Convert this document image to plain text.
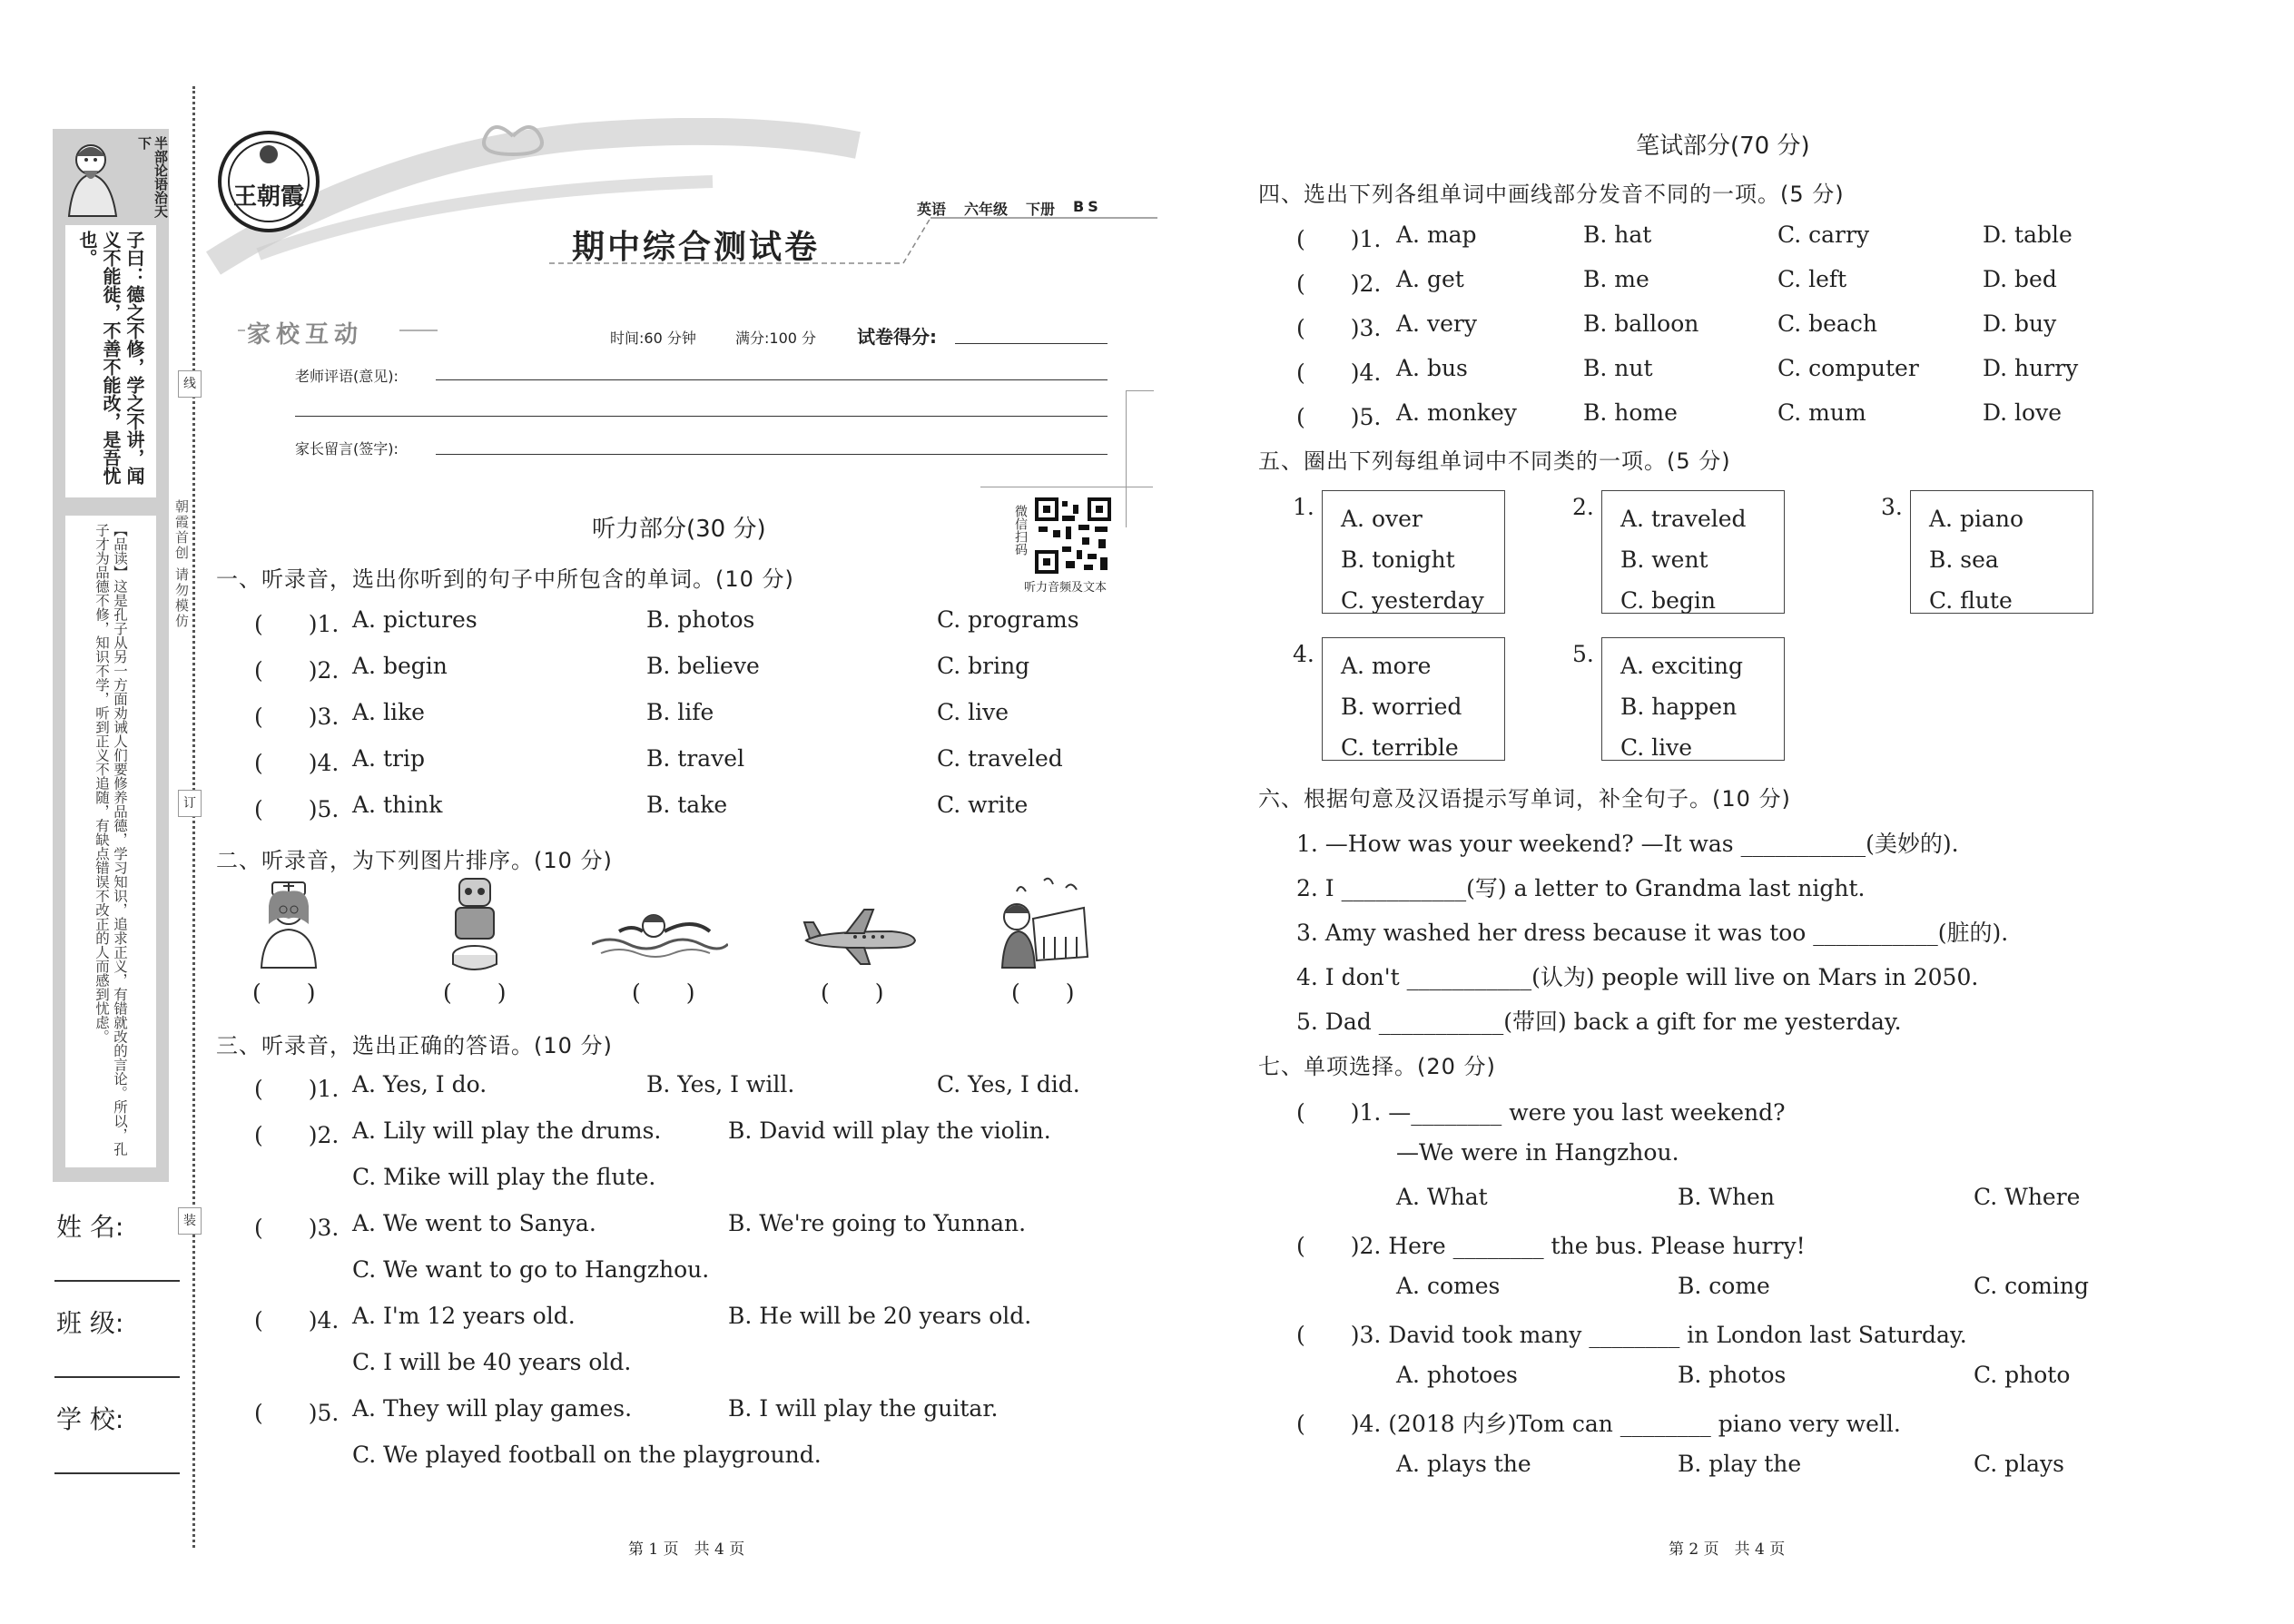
半部论语治天下
子曰：德之不修，学之不讲，闻义不能徙，不善不能改，是吾忧也。
【品读】这是孔子从另一方面劝诫人们要修养品德，学习知识，追求正义，有错就改的言论。所以，孔子才为品德不修，知识不学，听到正义不追随，有缺点错误不改正的人而感到忧虑。
姓 名:
班 级:
学 校:
线
订
装
朝霞首创 请勿模仿
王朝霞	英语 六年级 下册 BS
期中综合测试卷
家校互动	时间:60 分钟	满分:100 分 试卷得分:
老师评语(意见):
家长留言(签字):
微信扫码
听力音频及文本
听力部分(30 分)
一、听录音，选出你听到的句子中所包含的单词。(10 分)
(　　)1. A. pictures	B. photos	C. programs
(　　)2. A. begin	B. believe	C. bring
(　　)3. A. like	B. life	C. live
(　　)4. A. trip	B. travel	C. traveled
(　　)5. A. think	B. take	C. write
二、听录音，为下列图片排序。(10 分)
(　　)	(　　)	(　　)	(　　)	(　　)
三、听录音，选出正确的答语。(10 分)
(　　)1. A. Yes, I do.	B. Yes, I will.	C. Yes, I did.
(　　)2. A. Lily will play the drums.	B. David will play the violin.
C. Mike will play the flute.
(　　)3. A. We went to Sanya.	B. We're going to Yunnan.
C. We want to go to Hangzhou.
(　　)4. A. I'm 12 years old.	B. He will be 20 years old.
C. I will be 40 years old.
(　　)5. A. They will play games.	B. I will play the guitar.
C. We played football on the playground.
第 1 页　共 4 页
笔试部分(70 分)
四、选出下列各组单词中画线部分发音不同的一项。(5 分)
(　　)1. A. map	B. hat	C. carry	D. table
(　　)2. A. get	B. me	C. left	D. bed
(　　)3. A. very	B. balloon	C. beach	D. buy
(　　)4. A. bus	B. nut	C. computer	D. hurry
(　　)5. A. monkey	B. home	C. mum	D. love
五、圈出下列每组单词中不同类的一项。(5 分)
1. A. over
B. tonight
C. yesterday
2. A. traveled
B. went
C. begin
3. A. piano
B. sea
C. flute
4. A. more
B. worried
C. terrible
5. A. exciting
B. happen
C. live
六、根据句意及汉语提示写单词，补全句子。(10 分)
1. —How was your weekend? —It was ___________(美妙的).
2. I ___________(写) a letter to Grandma last night.
3. Amy washed her dress because it was too ___________(脏的).
4. I don't ___________(认为) people will live on Mars in 2050.
5. Dad ___________(带回) back a gift for me yesterday.
七、单项选择。(20 分)
(　　)1. —________ were you last weekend?
—We were in Hangzhou.
A. What	B. When	C. Where
(　　)2. Here ________ the bus. Please hurry!
A. comes	B. come	C. coming
(　　)3. David took many ________ in London last Saturday.
A. photoes	B. photos	C. photo
(　　)4. (2018 内乡)Tom can ________ piano very well.
A. plays the	B. play the	C. plays
第 2 页　共 4 页
